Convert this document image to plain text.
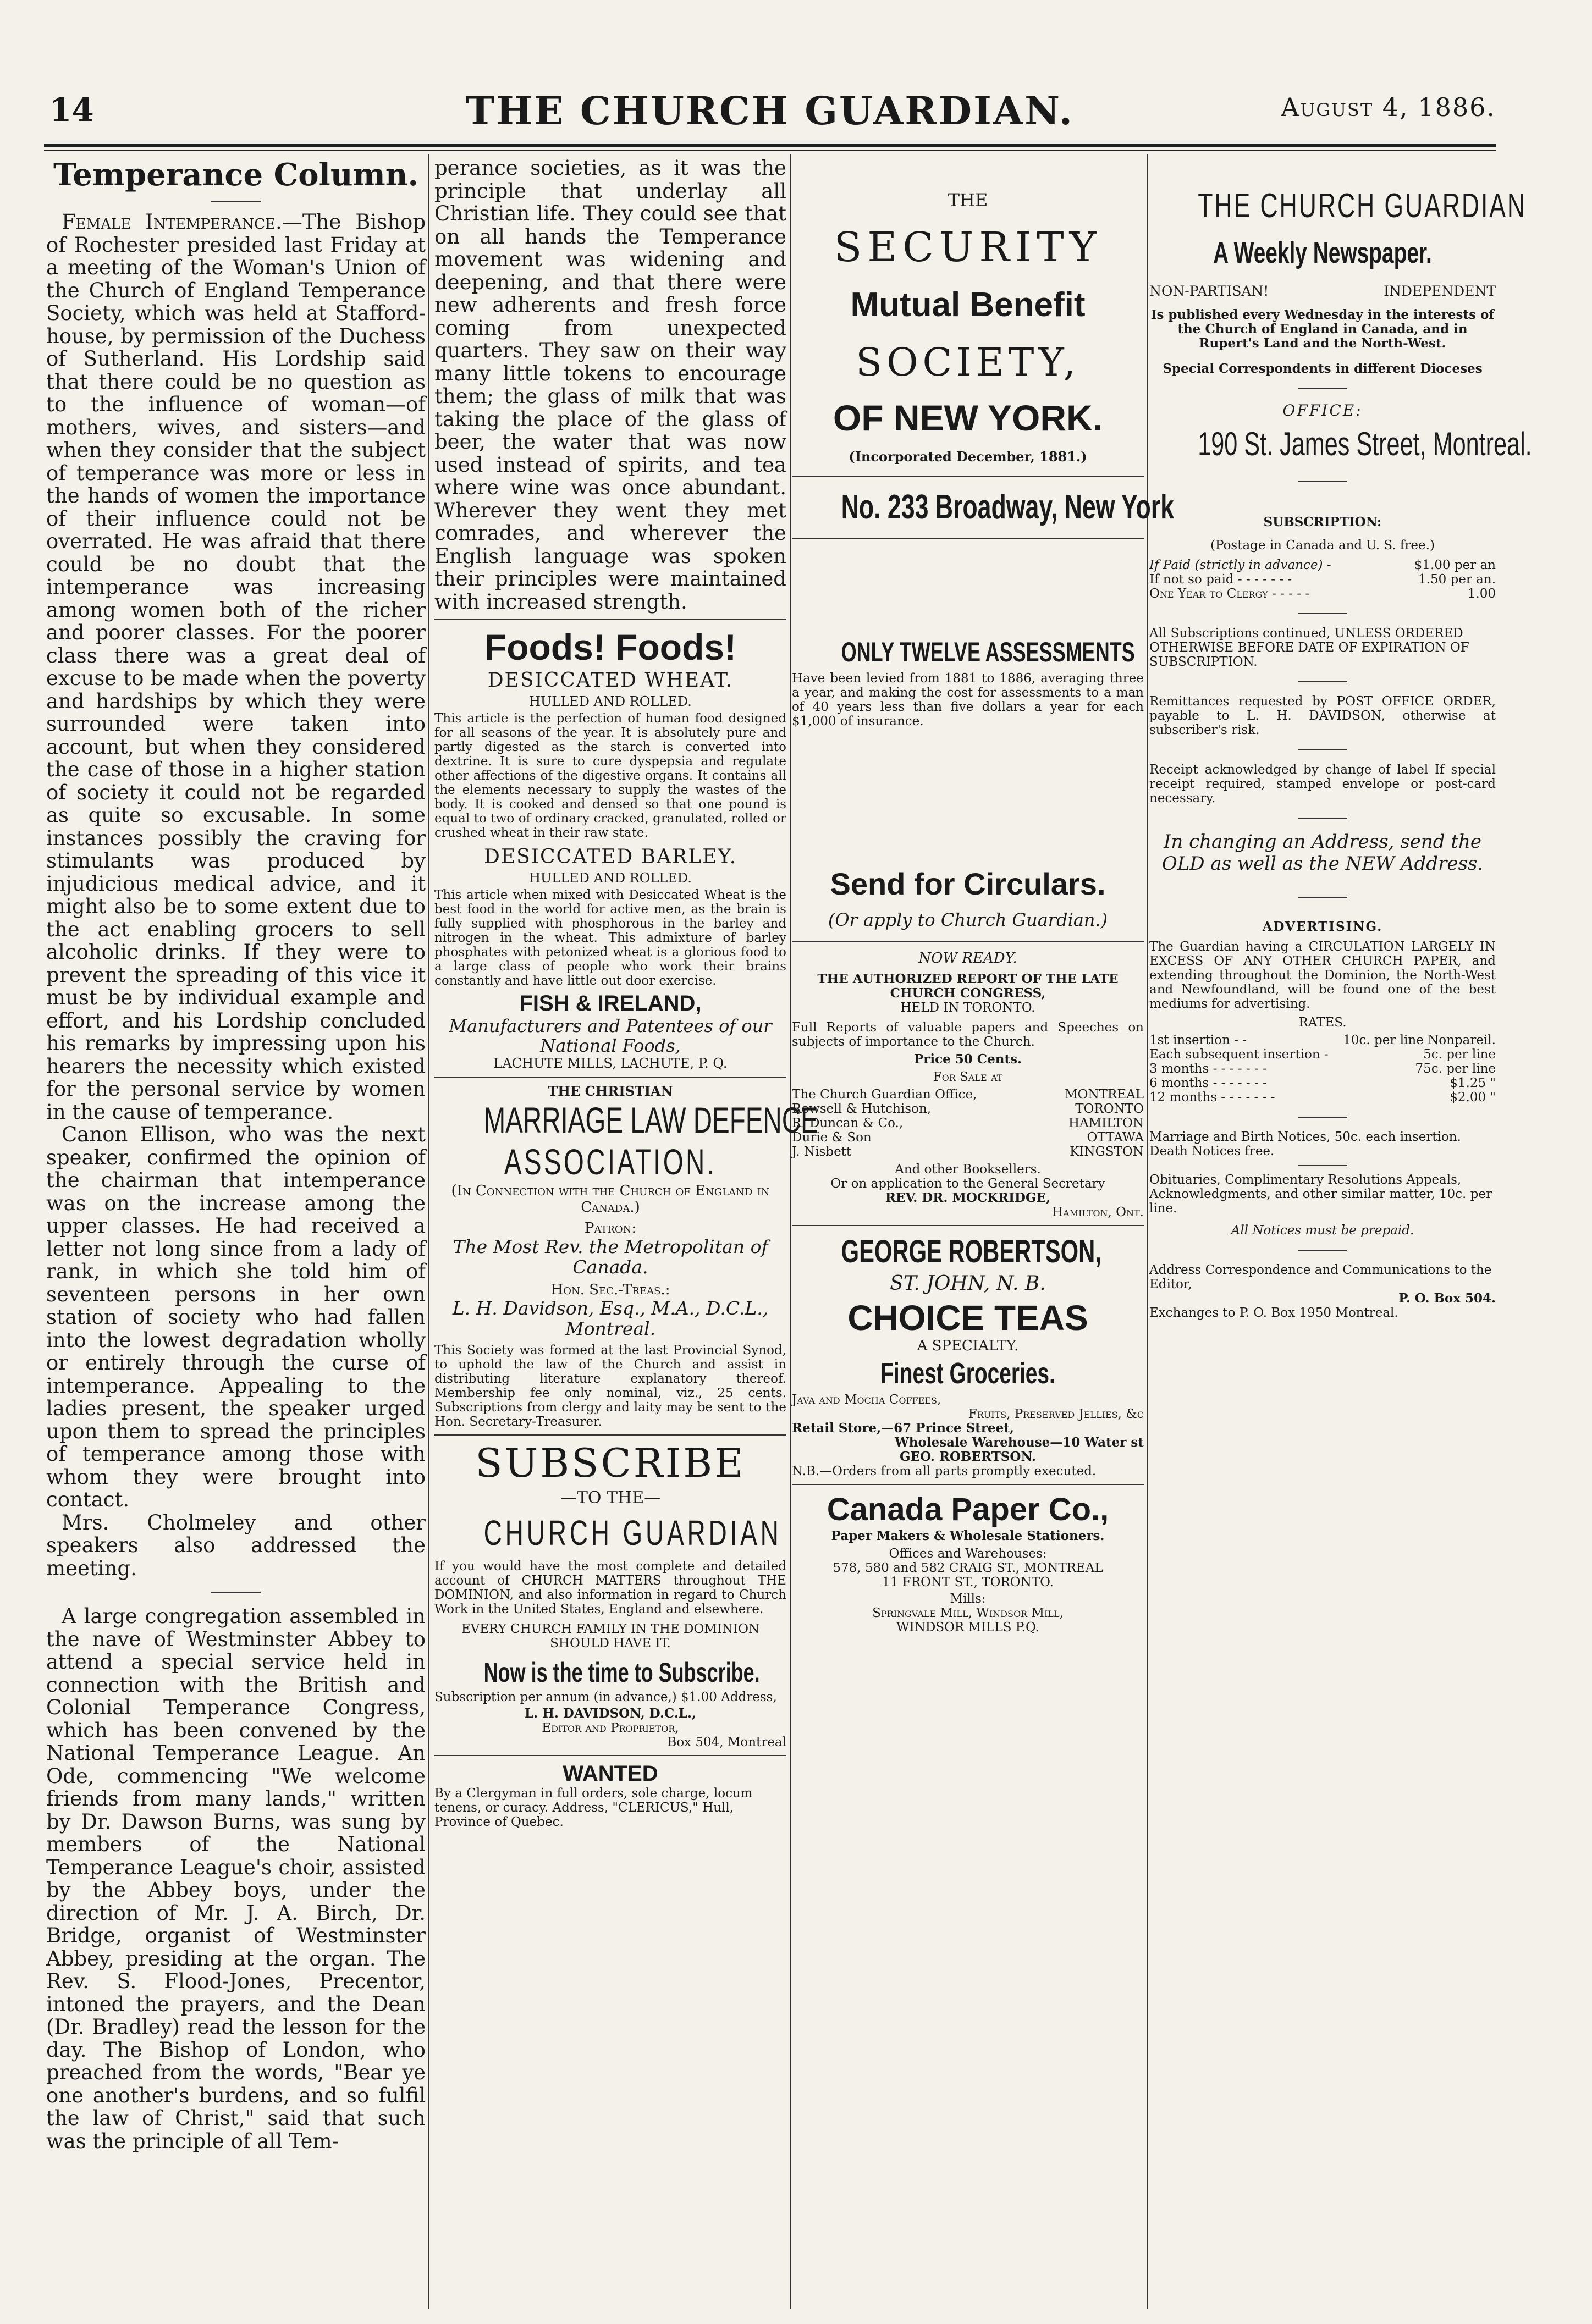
14	THE CHURCH GUARDIAN.	August 4, 1886.
Temperance Column.

Female Intemperance.—The Bishop of Rochester presided last Friday at a meeting of the Woman's Union of the Church of England Temperance Society, which was held at Stafford-house, by permission of the Duchess of Sutherland. His Lordship said that there could be no question as to the influence of woman—of mothers, wives, and sisters—and when they consider that the subject of temperance was more or less in the hands of women the importance of their influence could not be overrated. He was afraid that there could be no doubt that the intemperance was increasing among women both of the richer and poorer classes. For the poorer class there was a great deal of excuse to be made when the poverty and hardships by which they were surrounded were taken into account, but when they considered the case of those in a higher station of society it could not be regarded as quite so excusable. In some instances possibly the craving for stimulants was produced by injudicious medical advice, and it might also be to some extent due to the act enabling grocers to sell alcoholic drinks. If they were to prevent the spreading of this vice it must be by individual example and effort, and his Lordship concluded his remarks by impressing upon his hearers the necessity which existed for the personal service by women in the cause of temperance.

Canon Ellison, who was the next speaker, confirmed the opinion of the chairman that intemperance was on the increase among the upper classes. He had received a letter not long since from a lady of rank, in which she told him of seventeen persons in her own station of society who had fallen into the lowest degradation wholly or entirely through the curse of intemperance. Appealing to the ladies present, the speaker urged upon them to spread the principles of temperance among those with whom they were brought into contact.

Mrs. Cholmeley and other speakers also addressed the meeting.

A large congregation assembled in the nave of Westminster Abbey to attend a special service held in connection with the British and Colonial Temperance Congress, which has been convened by the National Temperance League. An Ode, commencing "We welcome friends from many lands," written by Dr. Dawson Burns, was sung by members of the National Temperance League's choir, assisted by the Abbey boys, under the direction of Mr. J. A. Birch, Dr. Bridge, organist of Westminster Abbey, presiding at the organ. The Rev. S. Flood-Jones, Precentor, intoned the prayers, and the Dean (Dr. Bradley) read the lesson for the day. The Bishop of London, who preached from the words, "Bear ye one another's burdens, and so fulfil the law of Christ," said that such was the principle of all Tem-

perance societies, as it was the principle that underlay all Christian life. They could see that on all hands the Temperance movement was widening and deepening, and that there were new adherents and fresh force coming from unexpected quarters. They saw on their way many little tokens to encourage them; the glass of milk that was taking the place of the glass of beer, the water that was now used instead of spirits, and tea where wine was once abundant. Wherever they went they met comrades, and wherever the English language was spoken their principles were maintained with increased strength.

Foods! Foods!
DESICCATED WHEAT.
HULLED AND ROLLED.
This article is the perfection of human food designed for all seasons of the year. It is absolutely pure and partly digested as the starch is converted into dextrine. It is sure to cure dyspepsia and regulate other affections of the digestive organs. It contains all the elements necessary to supply the wastes of the body. It is cooked and densed so that one pound is equal to two of ordinary cracked, granulated, rolled or crushed wheat in their raw state.
DESICCATED BARLEY.
HULLED AND ROLLED.
This article when mixed with Desiccated Wheat is the best food in the world for active men, as the brain is fully supplied with phosphorous in the barley and nitrogen in the wheat. This admixture of barley phosphates with petonized wheat is a glorious food to a large class of people who work their brains constantly and have little out door exercise.
FISH & IRELAND,
Manufacturers and Patentees of our National Foods,
LACHUTE MILLS, LACHUTE, P. Q.
THE CHRISTIAN
MARRIAGE LAW DEFENCE
ASSOCIATION.
(In Connection with the Church of England in Canada.)
Patron:
The Most Rev. the Metropolitan of Canada.
Hon. Sec.-Treas.:
L. H. Davidson, Esq., M.A., D.C.L., Montreal.
This Society was formed at the last Provincial Synod, to uphold the law of the Church and assist in distributing literature explanatory thereof. Membership fee only nominal, viz., 25 cents. Subscriptions from clergy and laity may be sent to the Hon. Secretary-Treasurer.
SUBSCRIBE
—TO THE—
CHURCH GUARDIAN
If you would have the most complete and detailed account of CHURCH MATTERS throughout THE DOMINION, and also information in regard to Church Work in the United States, England and elsewhere.
EVERY CHURCH FAMILY IN THE DOMINION SHOULD HAVE IT.
Now is the time to Subscribe.
Subscription per annum (in advance,) $1.00 Address,
L. H. DAVIDSON, D.C.L.,
Editor and Proprietor,
Box 504, Montreal
WANTED
By a Clergyman in full orders, sole charge, locum tenens, or curacy. Address, "CLERICUS," Hull, Province of Quebec.
THE
SECURITY
Mutual Benefit
SOCIETY,
OF NEW YORK.
(Incorporated December, 1881.)
No. 233 Broadway, New York
ONLY TWELVE ASSESSMENTS
Have been levied from 1881 to 1886, averaging three a year, and making the cost for assessments to a man of 40 years less than five dollars a year for each $1,000 of insurance.
Send for Circulars.
(Or apply to Church Guardian.)
NOW READY.
THE AUTHORIZED REPORT OF THE LATE CHURCH CONGRESS,
HELD IN TORONTO.
Full Reports of valuable papers and Speeches on subjects of importance to the Church.
Price 50 Cents.
For Sale at
The Church Guardian Office,	MONTREAL
Rowsell & Hutchison,	TORONTO
R. Duncan & Co.,	HAMILTON
Durie & Son	OTTAWA
J. Nisbett	KINGSTON
And other Booksellers.
Or on application to the General Secretary
REV. DR. MOCKRIDGE,
Hamilton, Ont.
GEORGE ROBERTSON,
ST. JOHN, N. B.
CHOICE TEAS
A SPECIALTY.
Finest Groceries.
Java and Mocha Coffees,
Fruits, Preserved Jellies, &c
Retail Store,—67 Prince Street,
Wholesale Warehouse—10 Water st
GEO. ROBERTSON.
N.B.—Orders from all parts promptly executed.
Canada Paper Co.,
Paper Makers & Wholesale Stationers.
Offices and Warehouses:
578, 580 and 582 CRAIG ST., MONTREAL
11 FRONT ST., TORONTO.
Mills:
Springvale Mill, Windsor Mill,
WINDSOR MILLS P.Q.
THE CHURCH GUARDIAN
A Weekly Newspaper.
NON-PARTISAN!	INDEPENDENT
Is published every Wednesday in the interests of the Church of England in Canada, and in Rupert's Land and the North-West.
Special Correspondents in different Dioceses
OFFICE:
190 St. James Street, Montreal.
SUBSCRIPTION:
(Postage in Canada and U. S. free.)
If Paid (strictly in advance) -	$1.00 per an
If not so paid - - - - - - -	1.50 per an.
One Year to Clergy - - - - -	1.00
All Subscriptions continued, UNLESS ORDERED OTHERWISE BEFORE DATE OF EXPIRATION OF SUBSCRIPTION.
Remittances requested by POST OFFICE ORDER, payable to L. H. DAVIDSON, otherwise at subscriber's risk.
Receipt acknowledged by change of label If special receipt required, stamped envelope or post-card necessary.
In changing an Address, send the OLD as well as the NEW Address.
ADVERTISING.
The Guardian having a CIRCULATION LARGELY IN EXCESS OF ANY OTHER CHURCH PAPER, and extending throughout the Dominion, the North-West and Newfoundland, will be found one of the best mediums for advertising.
RATES.
1st insertion - -	10c. per line Nonpareil.
Each subsequent insertion -	5c. per line
3 months - - - - - - -	75c. per line
6 months - - - - - - -	$1.25 "
12 months - - - - - - -	$2.00 "
Marriage and Birth Notices, 50c. each insertion. Death Notices free.
Obituaries, Complimentary Resolutions Appeals, Acknowledgments, and other similar matter, 10c. per line.
All Notices must be prepaid.
Address Correspondence and Communications to the Editor,
P. O. Box 504.
Exchanges to P. O. Box 1950 Montreal.
